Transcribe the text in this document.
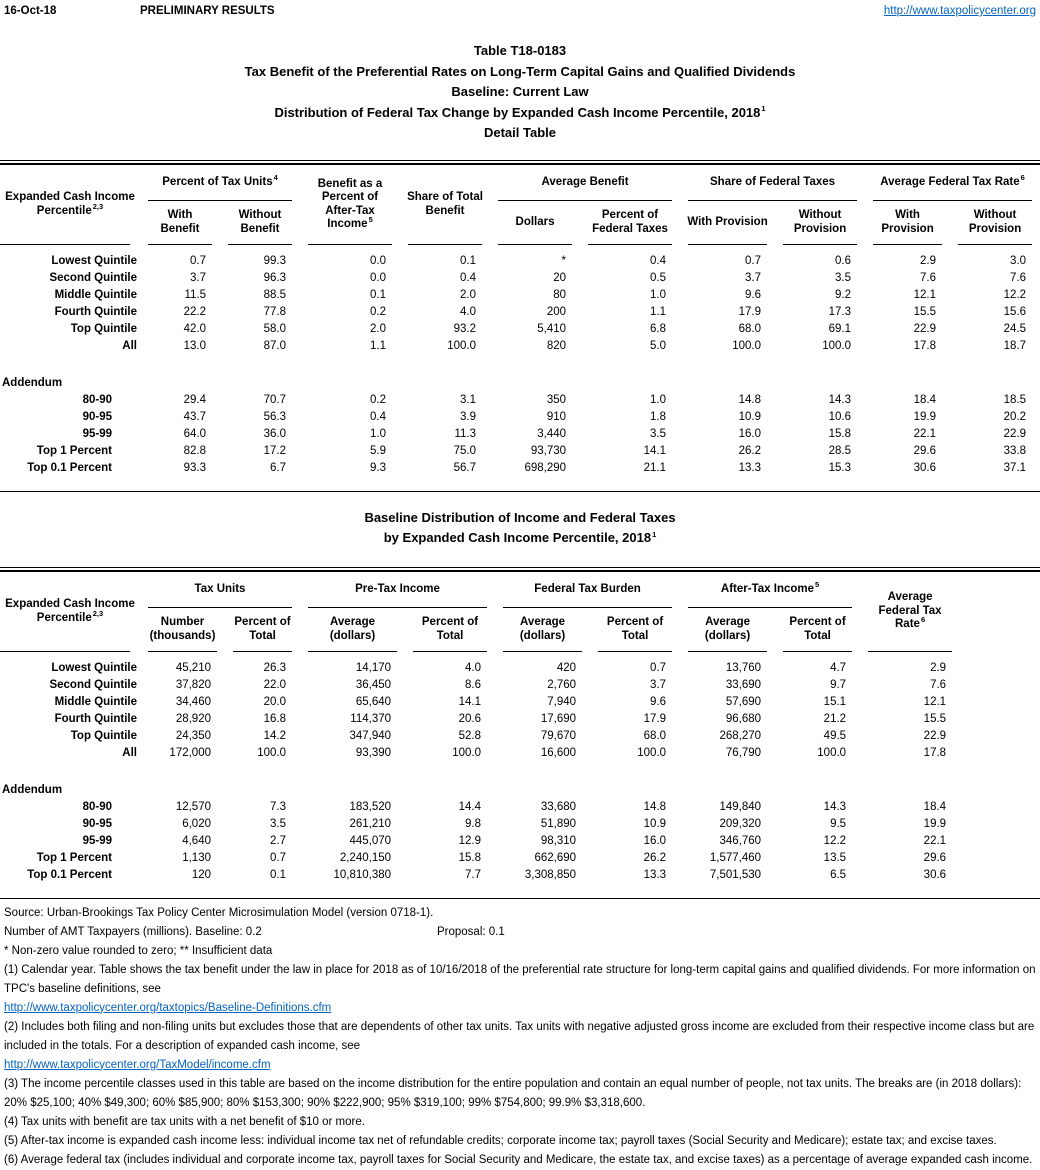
16-Oct-18	PRELIMINARY RESULTS	http://www.taxpolicycenter.org
Table T18-0183
Tax Benefit of the Preferential Rates on Long-Term Capital Gains and Qualified Dividends
Baseline: Current Law
Distribution of Federal Tax Change by Expanded Cash Income Percentile, 2018$^1$
Detail Table
Expanded Cash Income Percentile$^{2,3}$	Percent of Tax Units$^4$		Benefit as a Percent of After-Tax Income$^5$	Share of Total Benefit	Average Benefit		Share of Federal Taxes		Average Federal Tax Rate$^6$

	With Benefit	Without Benefit			Dollars	Percent of Federal Taxes	With Provision	Without Provision	With Provision	Without Provision

Lowest Quintile	0.7	99.3	0.0	0.1	*	0.4	0.7	0.6	2.9	3.0
Second Quintile	3.7	96.3	0.0	0.4	20	0.5	3.7	3.5	7.6	7.6
Middle Quintile	11.5	88.5	0.1	2.0	80	1.0	9.6	9.2	12.1	12.2
Fourth Quintile	22.2	77.8	0.2	4.0	200	1.1	17.9	17.3	15.5	15.6
Top Quintile	42.0	58.0	2.0	93.2	5,410	6.8	68.0	69.1	22.9	24.5
All	13.0	87.0	1.1	100.0	820	5.0	100.0	100.0	17.8	18.7

Addendum										
80-90	29.4	70.7	0.2	3.1	350	1.0	14.8	14.3	18.4	18.5
90-95	43.7	56.3	0.4	3.9	910	1.8	10.9	10.6	19.9	20.2
95-99	64.0	36.0	1.0	11.3	3,440	3.5	16.0	15.8	22.1	22.9
Top 1 Percent	82.8	17.2	5.9	75.0	93,730	14.1	26.2	28.5	29.6	33.8
Top 0.1 Percent	93.3	6.7	9.3	56.7	698,290	21.1	13.3	15.3	30.6	37.1

Baseline Distribution of Income and Federal Taxes
by Expanded Cash Income Percentile, 2018$^1$
Expanded Cash Income Percentile$^{2,3}$	Tax Units		Pre-Tax Income		Federal Tax Burden		After-Tax Income$^5$		Average Federal Tax Rate$^6$

	Number (thousands)	Percent of Total	Average (dollars)	Percent of Total	Average (dollars)	Percent of Total	Average (dollars)	Percent of Total		

Lowest Quintile	45,210	26.3	14,170	4.0	420	0.7	13,760	4.7	2.9	
Second Quintile	37,820	22.0	36,450	8.6	2,760	3.7	33,690	9.7	7.6	
Middle Quintile	34,460	20.0	65,640	14.1	7,940	9.6	57,690	15.1	12.1	
Fourth Quintile	28,920	16.8	114,370	20.6	17,690	17.9	96,680	21.2	15.5	
Top Quintile	24,350	14.2	347,940	52.8	79,670	68.0	268,270	49.5	22.9	
All	172,000	100.0	93,390	100.0	16,600	100.0	76,790	100.0	17.8	

Addendum										
80-90	12,570	7.3	183,520	14.4	33,680	14.8	149,840	14.3	18.4	
90-95	6,020	3.5	261,210	9.8	51,890	10.9	209,320	9.5	19.9	
95-99	4,640	2.7	445,070	12.9	98,310	16.0	346,760	12.2	22.1	
Top 1 Percent	1,130	0.7	2,240,150	15.8	662,690	26.2	1,577,460	13.5	29.6	
Top 0.1 Percent	120	0.1	10,810,380	7.7	3,308,850	13.3	7,501,530	6.5	30.6	

Source: Urban-Brookings Tax Policy Center Microsimulation Model (version 0718-1).

Number of AMT Taxpayers (millions). Baseline: 0.2	Proposal: 0.1

* Non-zero value rounded to zero; ** Insufficient data

(1) Calendar year. Table shows the tax benefit under the law in place for 2018 as of 10/16/2018 of the preferential rate structure for long-term capital gains and qualified dividends. For more information on TPC's baseline definitions, see

http://www.taxpolicycenter.org/taxtopics/Baseline-Definitions.cfm

(2) Includes both filing and non-filing units but excludes those that are dependents of other tax units. Tax units with negative adjusted gross income are excluded from their respective income class but are included in the totals. For a description of expanded cash income, see

http://www.taxpolicycenter.org/TaxModel/income.cfm

(3) The income percentile classes used in this table are based on the income distribution for the entire population and contain an equal number of people, not tax units. The breaks are (in 2018 dollars): 20% $25,100; 40% $49,300; 60% $85,900; 80% $153,300; 90% $222,900; 95% $319,100; 99% $754,800; 99.9% $3,318,600.

(4) Tax units with benefit are tax units with a net benefit of $10 or more.

(5) After-tax income is expanded cash income less: individual income tax net of refundable credits; corporate income tax; payroll taxes (Social Security and Medicare); estate tax; and excise taxes.

(6) Average federal tax (includes individual and corporate income tax, payroll taxes for Social Security and Medicare, the estate tax, and excise taxes) as a percentage of average expanded cash income.
